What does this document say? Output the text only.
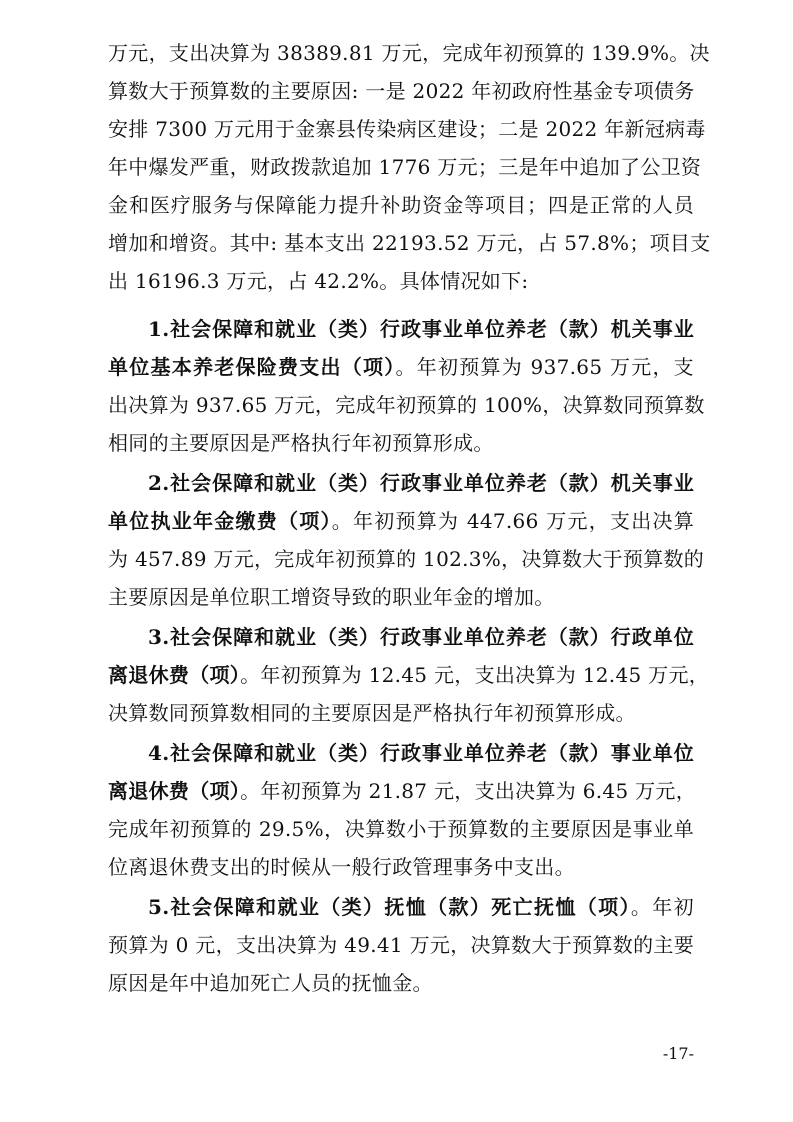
万元，支出决算为 38389.81 万元，完成年初预算的 139.9%。决
算数大于预算数的主要原因: 一是 2022 年初政府性基金专项债务
安排 7300 万元用于金寨县传染病区建设；二是 2022 年新冠病毒
年中爆发严重，财政拨款追加 1776 万元；三是年中追加了公卫资
金和医疗服务与保障能力提升补助资金等项目；四是正常的人员
增加和增资。其中: 基本支出 22193.52 万元，占 57.8%；项目支
出 16196.3 万元，占 42.2%。具体情况如下:
1.社会保障和就业（类）行政事业单位养老（款）机关事业
单位基本养老保险费支出（项）。年初预算为 937.65 万元，支
出决算为 937.65 万元，完成年初预算的 100%，决算数同预算数
相同的主要原因是严格执行年初预算形成。
2.社会保障和就业（类）行政事业单位养老（款）机关事业
单位执业年金缴费（项）。年初预算为 447.66 万元，支出决算
为 457.89 万元，完成年初预算的 102.3%，决算数大于预算数的
主要原因是单位职工增资导致的职业年金的增加。
3.社会保障和就业（类）行政事业单位养老（款）行政单位
离退休费（项）。年初预算为 12.45 元，支出决算为 12.45 万元，
决算数同预算数相同的主要原因是严格执行年初预算形成。
4.社会保障和就业（类）行政事业单位养老（款）事业单位
离退休费（项）。年初预算为 21.87 元，支出决算为 6.45 万元，
完成年初预算的 29.5%，决算数小于预算数的主要原因是事业单
位离退休费支出的时候从一般行政管理事务中支出。
5.社会保障和就业（类）抚恤（款）死亡抚恤（项）。年初
预算为 0 元，支出决算为 49.41 万元，决算数大于预算数的主要
原因是年中追加死亡人员的抚恤金。
-17-
